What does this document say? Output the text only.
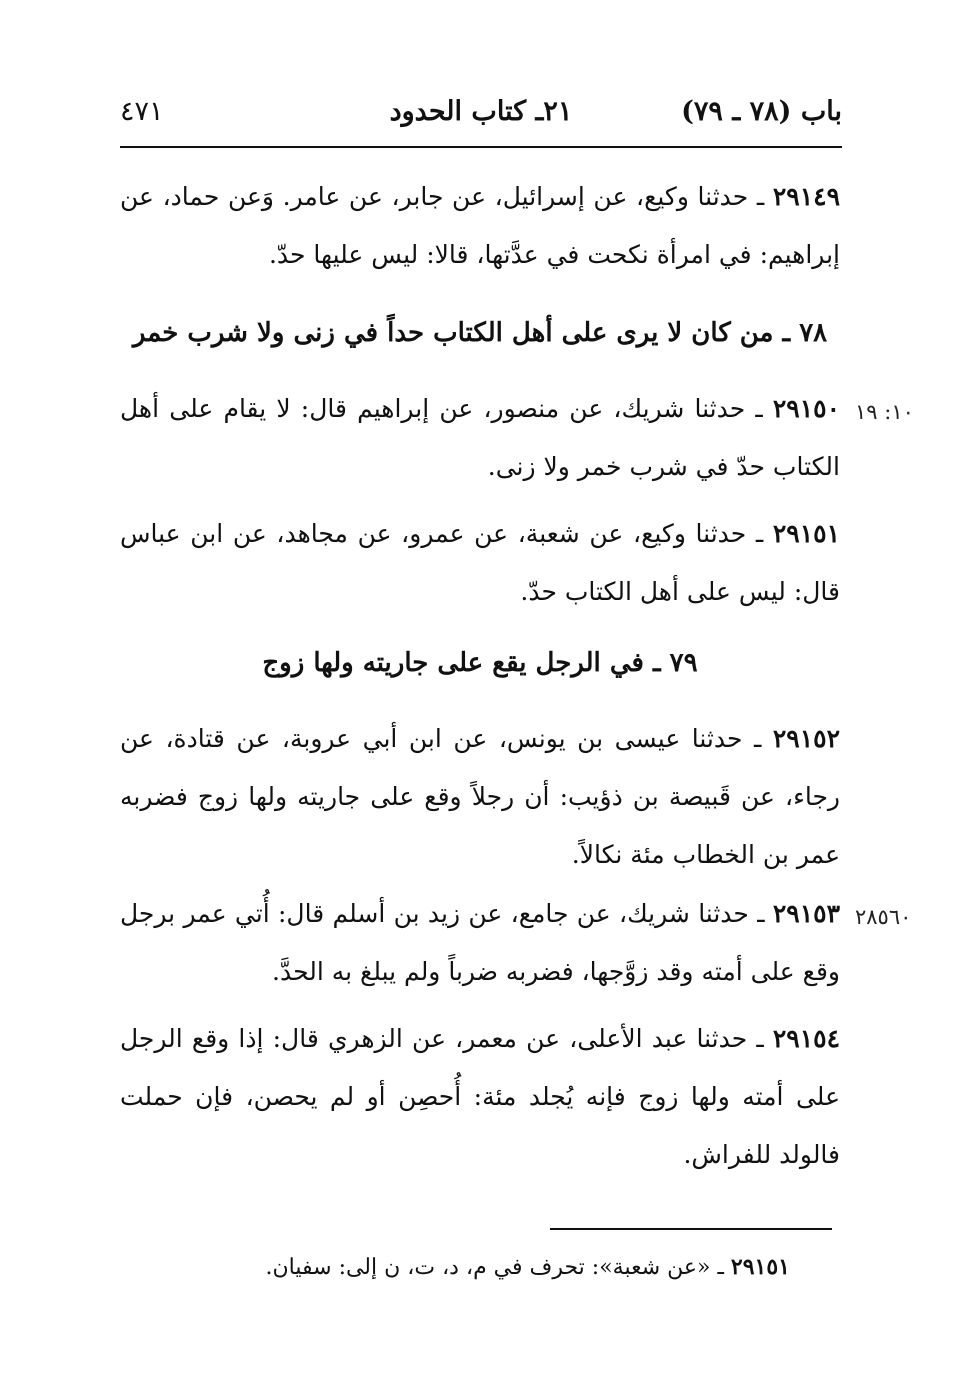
باب (٧٨ ـ ٧٩)
٢١ـ كتاب الحدود
٤٧١

٢٩١٤٩ ـ حدثنا وكيع، عن إسرائيل، عن جابر، عن عامر. وَعن حماد، عن إبراهيم: في امرأة نكحت في عدَّتها، قالا: ليس عليها حدّ.

٧٨ ـ من كان لا يرى على أهل الكتاب حداً في زنى ولا شرب خمر
١٠: ١٩

٢٩١٥٠ ـ حدثنا شريك، عن منصور، عن إبراهيم قال: لا يقام على أهل الكتاب حدّ في شرب خمر ولا زنى.

٢٩١٥١ ـ حدثنا وكيع، عن شعبة، عن عمرو، عن مجاهد، عن ابن عباس قال: ليس على أهل الكتاب حدّ.

٧٩ ـ في الرجل يقع على جاريته ولها زوج

٢٩١٥٢ ـ حدثنا عيسى بن يونس، عن ابن أبي عروبة، عن قتادة، عن رجاء، عن قَبيصة بن ذؤيب: أن رجلاً وقع على جاريته ولها زوج فضربه عمر بن الخطاب مئة نكالاً.

٢٨٥٦٠

٢٩١٥٣ ـ حدثنا شريك، عن جامع، عن زيد بن أسلم قال: أُتي عمر برجل وقع على أمته وقد زوَّجها، فضربه ضرباً ولم يبلغ به الحدَّ.

٢٩١٥٤ ـ حدثنا عبد الأعلى، عن معمر، عن الزهري قال: إذا وقع الرجل على أمته ولها زوج فإنه يُجلد مئة: أُحصِن أو لم يحصن، فإن حملت فالولد للفراش.

٢٩١٥١ ـ «عن شعبة»: تحرف في م، د، ت، ن إلى: سفيان.
